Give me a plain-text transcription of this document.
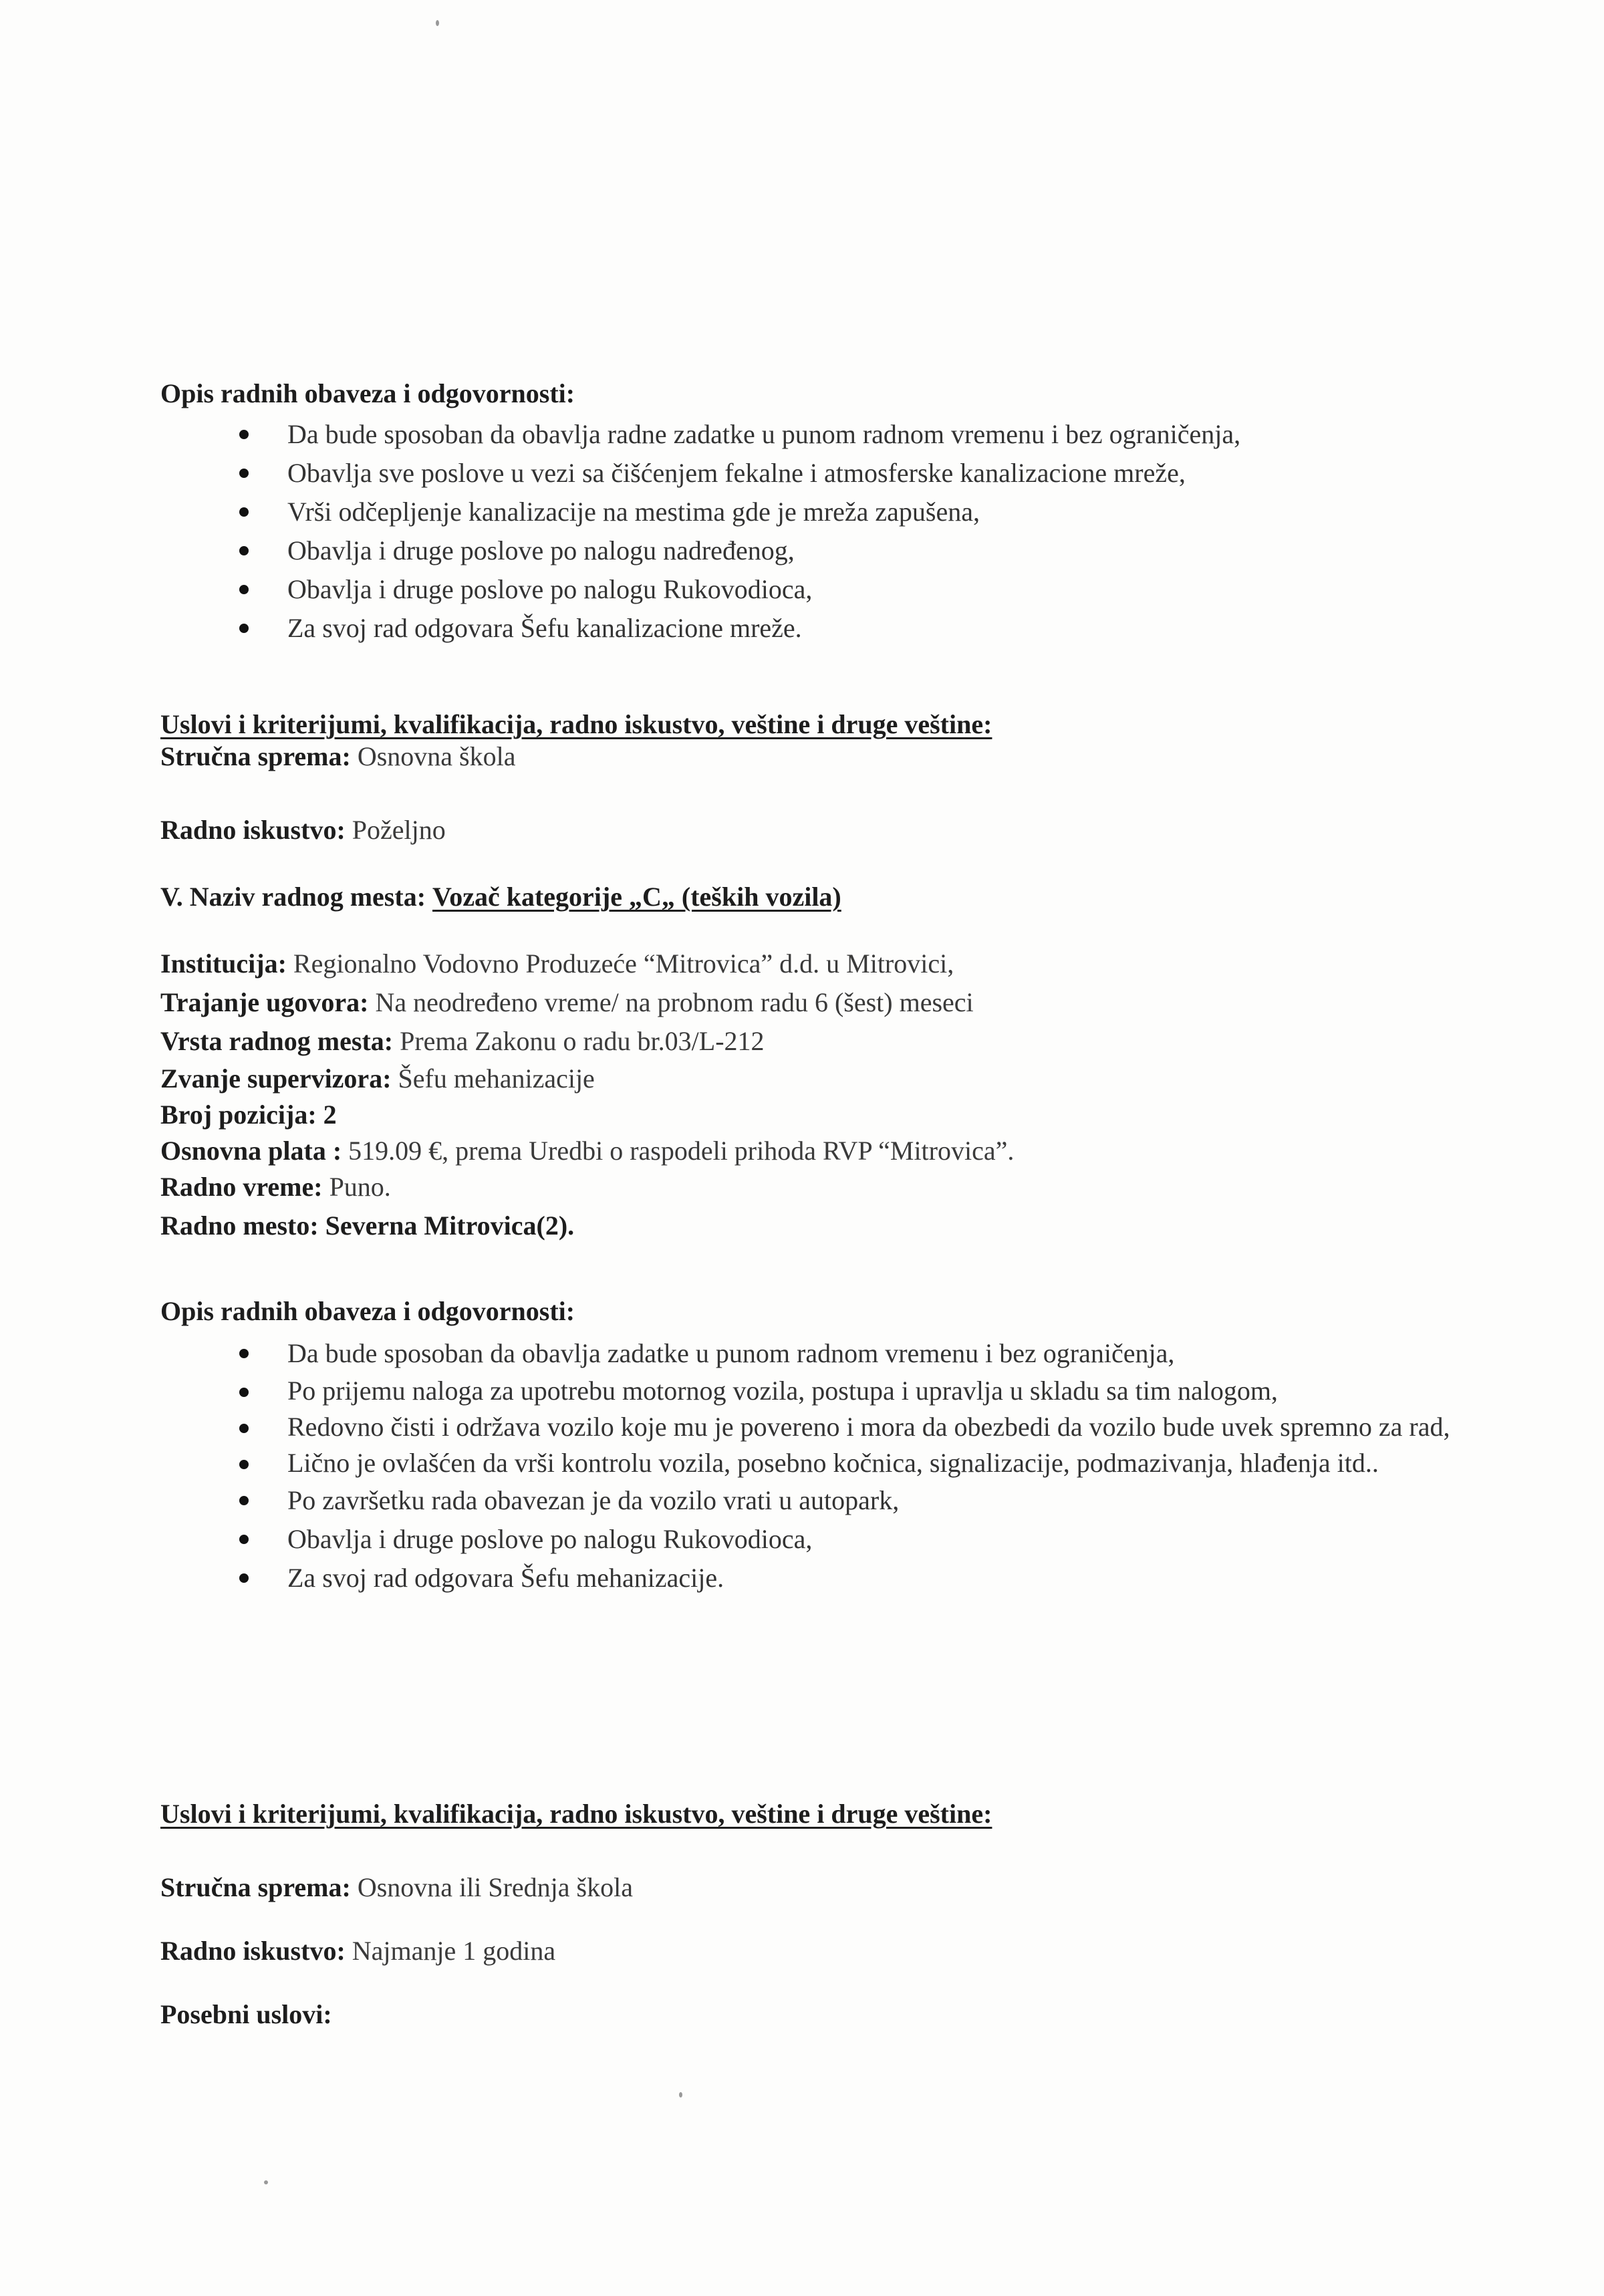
Opis radnih obaveza i odgovornosti:
Da bude sposoban da obavlja radne zadatke u punom radnom vremenu i bez ograničenja,
Obavlja sve poslove u vezi sa čišćenjem fekalne i atmosferske kanalizacione mreže,
Vrši odčepljenje kanalizacije na mestima gde je mreža zapušena,
Obavlja i druge poslove po nalogu nadređenog,
Obavlja i druge poslove po nalogu Rukovodioca,
Za svoj rad odgovara Šefu kanalizacione mreže.
Uslovi i kriterijumi, kvalifikacija, radno iskustvo, veštine i druge veštine:
Stručna sprema: Osnovna škola
Radno iskustvo: Poželjno
V. Naziv radnog mesta: Vozač kategorije „C„ (teških vozila)
Institucija: Regionalno Vodovno Produzeće “Mitrovica” d.d. u Mitrovici,
Trajanje ugovora: Na neodređeno vreme/ na probnom radu 6 (šest) meseci
Vrsta radnog mesta: Prema Zakonu o radu br.03/L-212
Zvanje supervizora: Šefu mehanizacije
Broj pozicija: 2
Osnovna plata : 519.09 €, prema Uredbi o raspodeli prihoda RVP “Mitrovica”.
Radno vreme: Puno.
Radno mesto: Severna Mitrovica(2).
Opis radnih obaveza i odgovornosti:
Da bude sposoban da obavlja zadatke u punom radnom vremenu i bez ograničenja,
Po prijemu naloga za upotrebu motornog vozila, postupa i upravlja u skladu sa tim nalogom,
Redovno čisti i održava vozilo koje mu je povereno i mora da obezbedi da vozilo bude uvek spremno za rad,
Lično je ovlašćen da vrši kontrolu vozila, posebno kočnica, signalizacije, podmazivanja, hlađenja itd..
Po završetku rada obavezan je da vozilo vrati u autopark,
Obavlja i druge poslove po nalogu Rukovodioca,
Za svoj rad odgovara Šefu mehanizacije.
Uslovi i kriterijumi, kvalifikacija, radno iskustvo, veštine i druge veštine:
Stručna sprema: Osnovna ili Srednja škola
Radno iskustvo: Najmanje 1 godina
Posebni uslovi:
